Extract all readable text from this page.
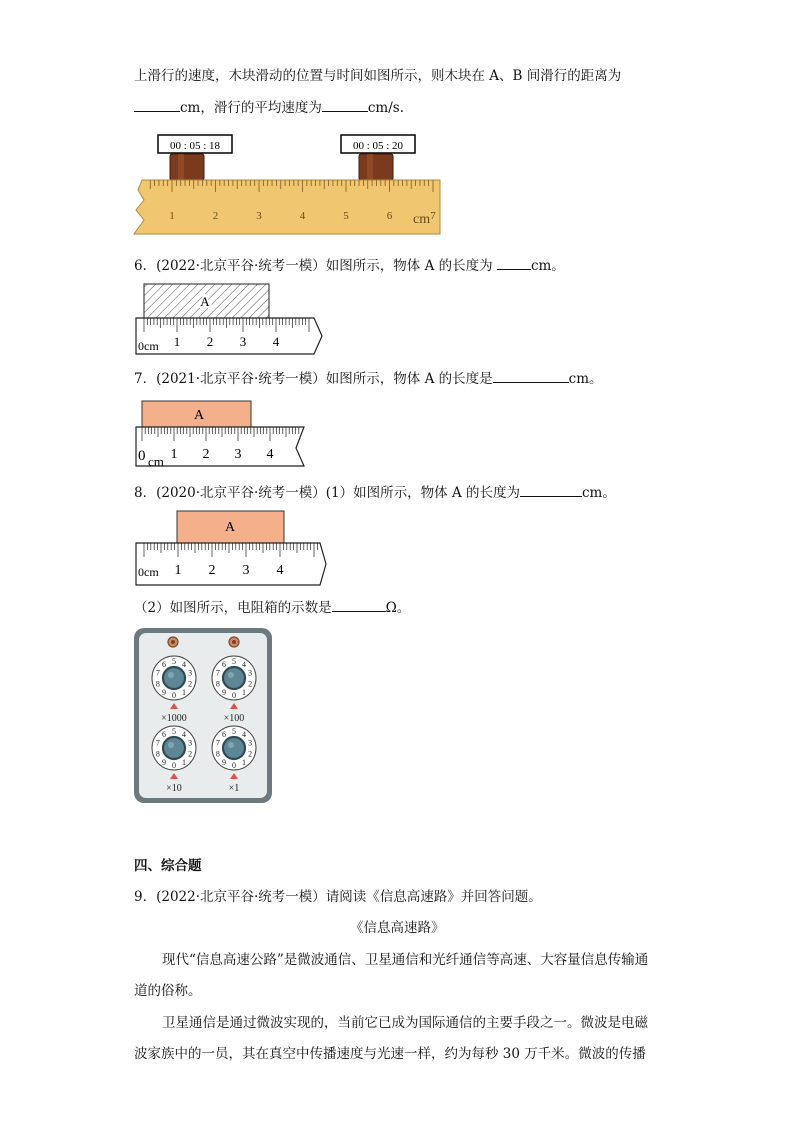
上滑行的速度，木块滑动的位置与时间如图所示，则木块在 A、B 间滑行的距离为
cm，滑行的平均速度为	cm/s.
00 : 05 : 18	00 : 05 : 20
1	2	3	4	5	6	7
cm
6．(2022·北京平谷·统考一模）如图所示，物体 A 的长度为	cm。
A
0cm 1 2 3 4
7．(2021·北京平谷·统考一模）如图所示，物体 A 的长度是	cm。
A
0 cm 1 2 3 4
8．(2020·北京平谷·统考一模）(1）如图所示，物体 A 的长度为	cm。
A
0cm 1 2 3 4
（2）如图所示，电阻箱的示数是	Ω。
0
9
8
7
6 5 4
3
2
1
×1000
0
9
8
7
6 5 4
3
2
1
×100
0
9
8
7
6 5 4
3
2
1
×10
0
9
8
7
6 5 4
3
2
1
×1
四、综合题
9．(2022·北京平谷·统考一模）请阅读《信息高速路》并回答问题。
《信息高速路》
现代“信息高速公路”是微波通信、卫星通信和光纤通信等高速、大容量信息传输通
道的俗称。
卫星通信是通过微波实现的，当前它已成为国际通信的主要手段之一。微波是电磁
波家族中的一员，其在真空中传播速度与光速一样，约为每秒 30 万千米。微波的传播
